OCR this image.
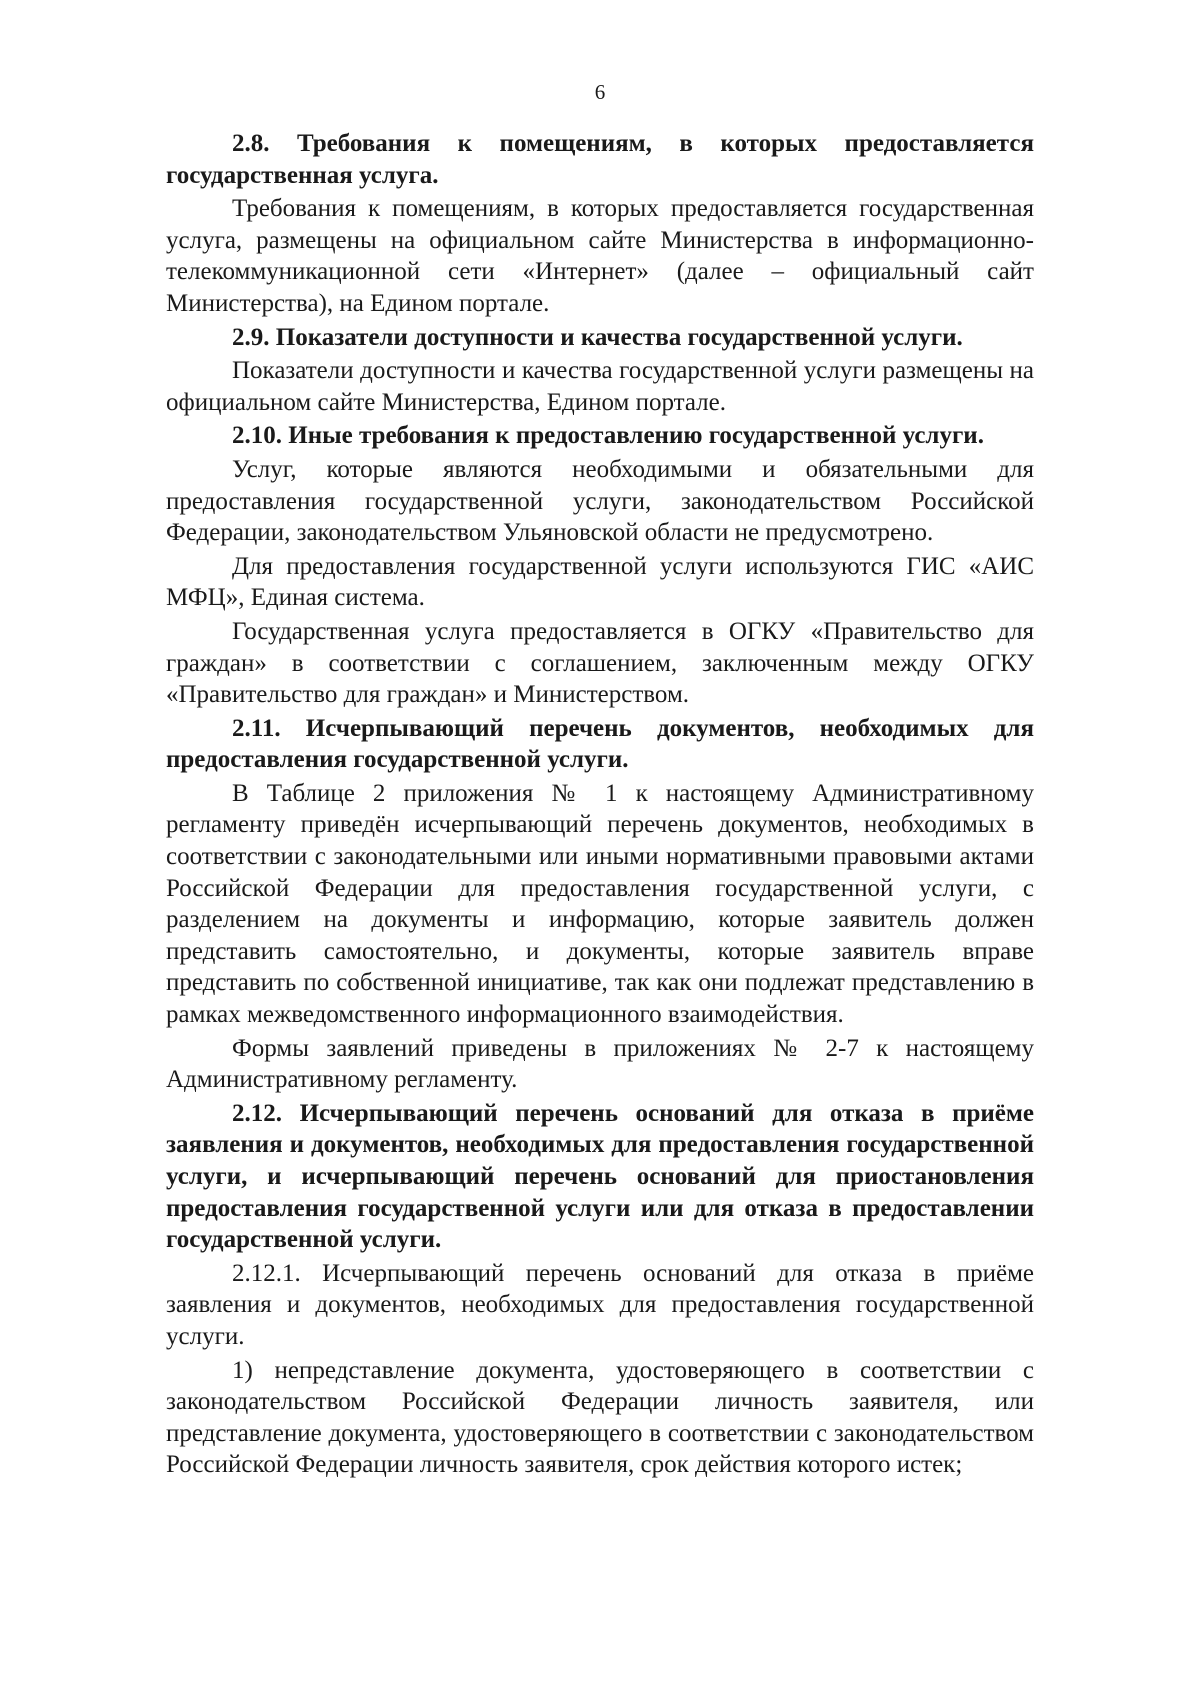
6

2.8. Требования к помещениям, в которых предоставляется государственная услуга.

Требования к помещениям, в которых предоставляется государственная услуга, размещены на официальном сайте Министерства в информационно-телекоммуникационной сети «Интернет» (далее – официальный сайт Министерства), на Едином портале.

2.9. Показатели доступности и качества государственной услуги.

Показатели доступности и качества государственной услуги размещены на официальном сайте Министерства, Едином портале.

2.10. Иные требования к предоставлению государственной услуги.

Услуг, которые являются необходимыми и обязательными для предоставления государственной услуги, законодательством Российской Федерации, законодательством Ульяновской области не предусмотрено.

Для предоставления государственной услуги используются ГИС «АИС МФЦ», Единая система.

Государственная услуга предоставляется в ОГКУ «Правительство для граждан» в соответствии с соглашением, заключенным между ОГКУ «Правительство для граждан» и Министерством.

2.11. Исчерпывающий перечень документов, необходимых для предоставления государственной услуги.

В Таблице 2 приложения № 1 к настоящему Административному регламенту приведён исчерпывающий перечень документов, необходимых в соответствии с законодательными или иными нормативными правовыми актами Российской Федерации для предоставления государственной услуги, с разделением на документы и информацию, которые заявитель должен представить самостоятельно, и документы, которые заявитель вправе представить по собственной инициативе, так как они подлежат представлению в рамках межведомственного информационного взаимодействия.

Формы заявлений приведены в приложениях № 2-7 к настоящему Административному регламенту.

2.12. Исчерпывающий перечень оснований для отказа в приёме заявления и документов, необходимых для предоставления государственной услуги, и исчерпывающий перечень оснований для приостановления предоставления государственной услуги или для отказа в предоставлении государственной услуги.

2.12.1. Исчерпывающий перечень оснований для отказа в приёме заявления и документов, необходимых для предоставления государственной услуги.

1) непредставление документа, удостоверяющего в соответствии с законодательством Российской Федерации личность заявителя, или представление документа, удостоверяющего в соответствии с законодательством Российской Федерации личность заявителя, срок действия которого истек;
